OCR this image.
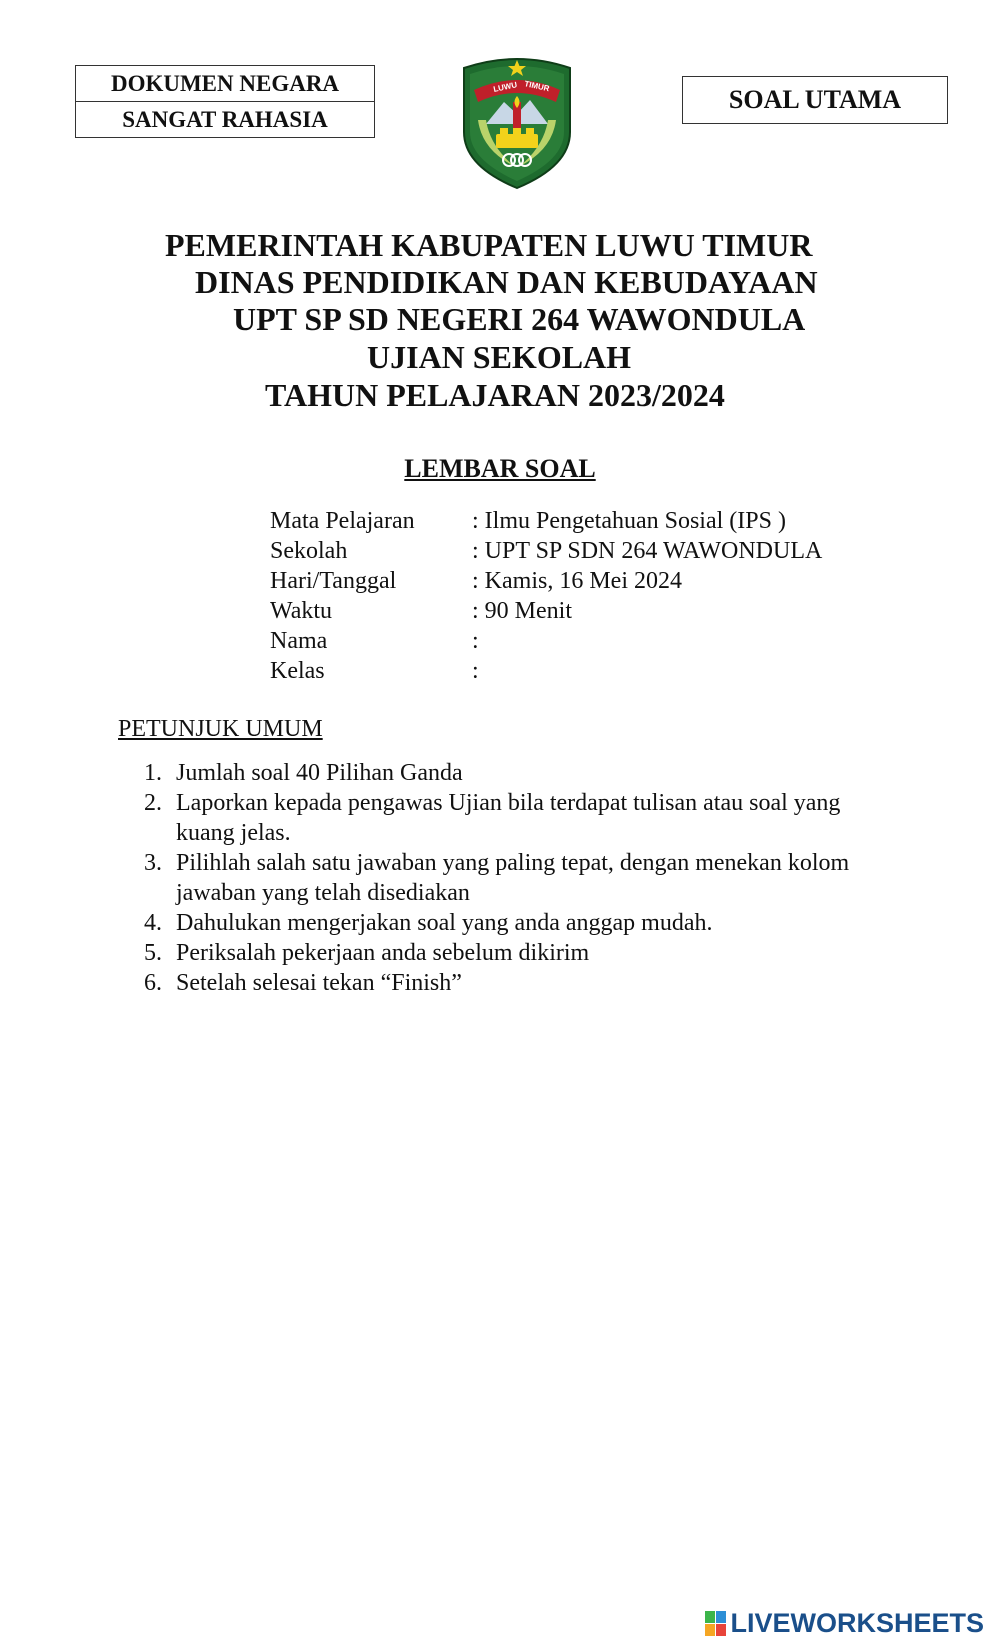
DOKUMEN NEGARA
SANGAT RAHASIA
SOAL UTAMA
LUWU TIMUR
PEMERINTAH KABUPATEN LUWU TIMUR
DINAS PENDIDIKAN DAN KEBUDAYAAN
UPT SP SD NEGERI 264 WAWONDULA
UJIAN SEKOLAH
TAHUN PELAJARAN 2023/2024
LEMBAR SOAL
Mata Pelajaran : Ilmu Pengetahuan Sosial (IPS )
Sekolah	: UPT SP SDN 264 WAWONDULA
Hari/Tanggal	: Kamis, 16 Mei 2024
Waktu	: 90 Menit
Nama	:
Kelas	:
PETUNJUK UMUM
1. Jumlah soal 40 Pilihan Ganda
2. Laporkan kepada pengawas Ujian bila terdapat tulisan atau soal yang kuang jelas.
3. Pilihlah salah satu jawaban yang paling tepat, dengan menekan kolom jawaban yang telah disediakan
4. Dahulukan mengerjakan soal yang anda anggap mudah.
5. Periksalah pekerjaan anda sebelum dikirim
6. Setelah selesai tekan “Finish”
LIVEWORKSHEETS
